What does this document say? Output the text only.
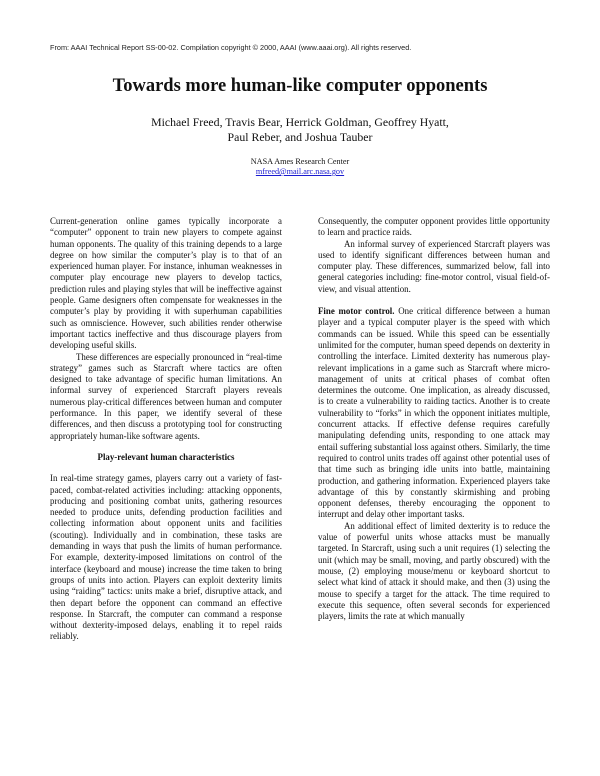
From: AAAI Technical Report SS-00-02. Compilation copyright © 2000, AAAI (www.aaai.org). All rights reserved.
Towards more human-like computer opponents
Michael Freed, Travis Bear, Herrick Goldman, Geoffrey Hyatt,
Paul Reber, and Joshua Tauber
NASA Ames Research Center
mfreed@mail.arc.nasa.gov

Current-generation online games typically incorporate a “computer” opponent to train new players to compete against human opponents. The quality of this training depends to a large degree on how similar the computer’s play is to that of an experienced human player. For instance, inhuman weaknesses in computer play encourage new players to develop tactics, prediction rules and playing styles that will be ineffective against people. Game designers often compensate for weaknesses in the computer’s play by providing it with superhuman capabilities such as omniscience. However, such abilities render otherwise important tactics ineffective and thus discourage players from developing useful skills.

These differences are especially pronounced in “real-time strategy” games such as Starcraft where tactics are often designed to take advantage of specific human limitations. An informal survey of experienced Starcraft players reveals numerous play-critical differences between human and computer performance. In this paper, we identify several of these differences, and then discuss a prototyping tool for constructing appropriately human-like software agents.

Play-relevant human characteristics

In real-time strategy games, players carry out a variety of fast-paced, combat-related activities including: attacking opponents, producing and positioning combat units, gathering resources needed to produce units, defending production facilities and collecting information about opponent units and facilities (scouting). Individually and in combination, these tasks are demanding in ways that push the limits of human performance. For example, dexterity-imposed limitations on control of the interface (keyboard and mouse) increase the time taken to bring groups of units into action. Players can exploit dexterity limits using “raiding” tactics: units make a brief, disruptive attack, and then depart before the opponent can command an effective response. In Starcraft, the computer can command a response without dexterity-imposed delays, enabling it to repel raids reliably.

Consequently, the computer opponent provides little opportunity to learn and practice raids.

An informal survey of experienced Starcraft players was used to identify significant differences between human and computer play. These differences, summarized below, fall into general categories including: fine-motor control, visual field-of-view, and visual attention.

Fine motor control. One critical difference between a human player and a typical computer player is the speed with which commands can be issued. While this speed can be essentially unlimited for the computer, human speed depends on dexterity in controlling the interface. Limited dexterity has numerous play-relevant implications in a game such as Starcraft where micro-management of units at critical phases of combat often determines the outcome. One implication, as already discussed, is to create a vulnerability to raiding tactics. Another is to create vulnerability to “forks” in which the opponent initiates multiple, concurrent attacks. If effective defense requires carefully manipulating defending units, responding to one attack may entail suffering substantial loss against others. Similarly, the time required to control units trades off against other potential uses of that time such as bringing idle units into battle, maintaining production, and gathering information. Experienced players take advantage of this by constantly skirmishing and probing opponent defenses, thereby encouraging the opponent to interrupt and delay other important tasks.

An additional effect of limited dexterity is to reduce the value of powerful units whose attacks must be manually targeted. In Starcraft, using such a unit requires (1) selecting the unit (which may be small, moving, and partly obscured) with the mouse, (2) employing mouse/menu or keyboard shortcut to select what kind of attack it should make, and then (3) using the mouse to specify a target for the attack. The time required to execute this sequence, often several seconds for experienced players, limits the rate at which manually
